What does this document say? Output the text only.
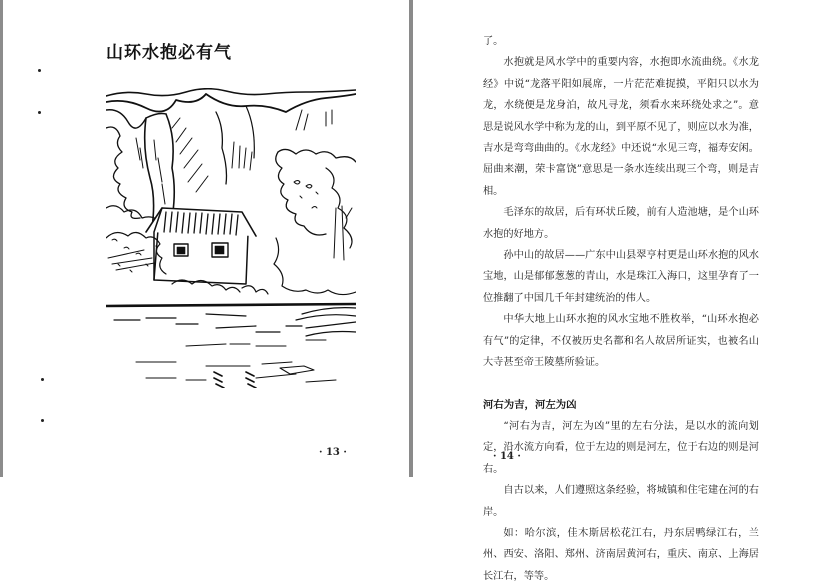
山环水抱必有气
· 13 ·

了。

水抱就是风水学中的重要内容，水抱即水流曲绕。《水龙经》中说“龙落平阳如展席，一片茫茫难捉摸，平阳只以水为龙，水绕便是龙身泊，故凡寻龙，须看水来环绕处求之”。意思是说风水学中称为龙的山，到平原不见了，则应以水为准，吉水是弯弯曲曲的。《水龙经》中还说“水见三弯，福寿安闲。屈曲来潮，荣卡富饶”意思是一条水连续出现三个弯，则是吉相。

毛泽东的故居，后有环状丘陵，前有人造池塘，是个山环水抱的好地方。

孙中山的故居——广东中山县翠亨村更是山环水抱的风水宝地，山是郁郁葱葱的青山，水是珠江入海口，这里孕育了一位推翻了中国几千年封建统治的伟人。

中华大地上山环水抱的风水宝地不胜枚举，“山环水抱必有气”的定律，不仅被历史名都和名人故居所证实，也被名山大寺甚至帝王陵墓所验证。

河右为吉，河左为凶

“河右为吉，河左为凶”里的左右分法，是以水的流向划定，沿水流方向看，位于左边的则是河左，位于右边的则是河右。

自古以来，人们遵照这条经验，将城镇和住宅建在河的右岸。

如：哈尔滨，佳木斯居松花江右，丹东居鸭绿江右，兰州、西安、洛阳、郑州、济南居黄河右，重庆、南京、上海居长江右，等等。

· 14 ·
